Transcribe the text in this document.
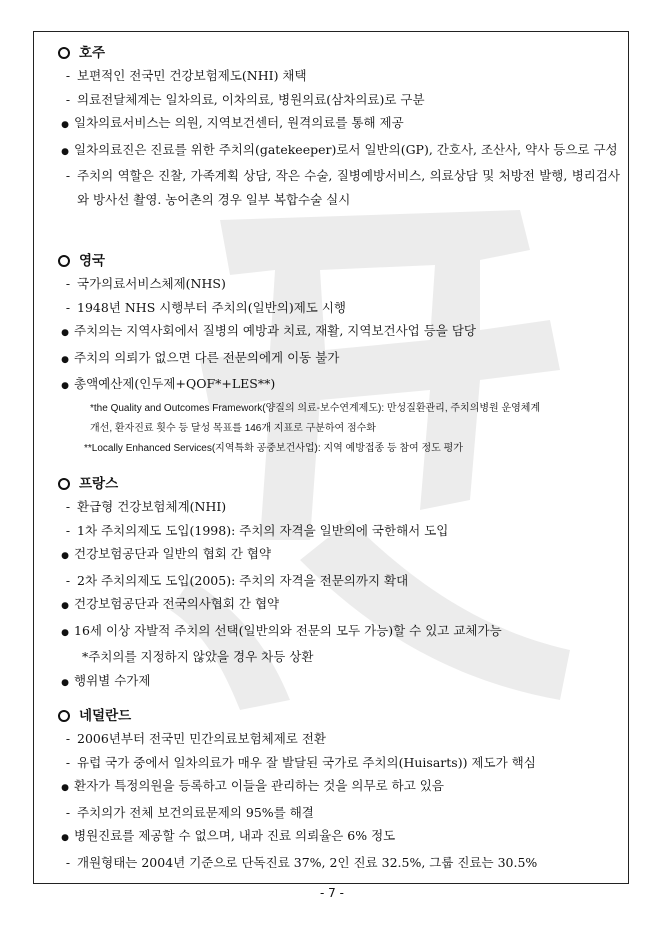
호주
-
보편적인 전국민 건강보험제도(NHI) 채택
-
의료전달체계는 일차의료, 이차의료, 병원의료(삼차의료)로 구분
●
일차의료서비스는 의원, 지역보건센터, 원격의료를 통해 제공
●
일차의료진은 진료를 위한 주치의(gatekeeper)로서 일반의(GP), 간호사, 조산사, 약사 등으로 구성
-
주치의 역할은 진찰, 가족계획 상담, 작은 수술, 질병예방서비스, 의료상담 및 처방전 발행, 병리검사와 방사선 촬영. 농어촌의 경우 일부 복합수술 실시
영국
-
국가의료서비스체제(NHS)
-
1948년 NHS 시행부터 주치의(일반의)제도 시행
●
주치의는 지역사회에서 질병의 예방과 치료, 재활, 지역보건사업 등을 담당
●
주치의 의뢰가 없으면 다른 전문의에게 이동 불가
●
총액예산제(인두제+QOF*+LES**)
*the Quality and Outcomes Framework(양질의 의료-보수연계제도): 만성질환관리, 주치의병원 운영체계
개선, 환자진료 횟수 등 달성 목표를 146개 지표로 구분하여 점수화
**Locally Enhanced Services(지역특화 공중보건사업): 지역 예방접종 등 참여 정도 평가
프랑스
-
환급형 건강보험체계(NHI)
-
1차 주치의제도 도입(1998): 주치의 자격을 일반의에 국한해서 도입
●
건강보험공단과 일반의 협회 간 협약
-
2차 주치의제도 도입(2005): 주치의 자격을 전문의까지 확대
●
건강보험공단과 전국의사협회 간 협약
●
16세 이상 자발적 주치의 선택(일반의와 전문의 모두 가능)할 수 있고 교체가능
*주치의를 지정하지 않았을 경우 차등 상환
●
행위별 수가제
네덜란드
-
2006년부터 전국민 민간의료보험체제로 전환
-
유럽 국가 중에서 일차의료가 매우 잘 발달된 국가로 주치의(Huisarts)) 제도가 핵심
●
환자가 특정의원을 등록하고 이들을 관리하는 것을 의무로 하고 있음
-
주치의가 전체 보건의료문제의 95%를 해결
●
병원진료를 제공할 수 없으며, 내과 진료 의뢰율은 6% 정도
-
개원형태는 2004년 기준으로 단독진료 37%, 2인 진료 32.5%, 그룹 진료는 30.5%
- 7 -
